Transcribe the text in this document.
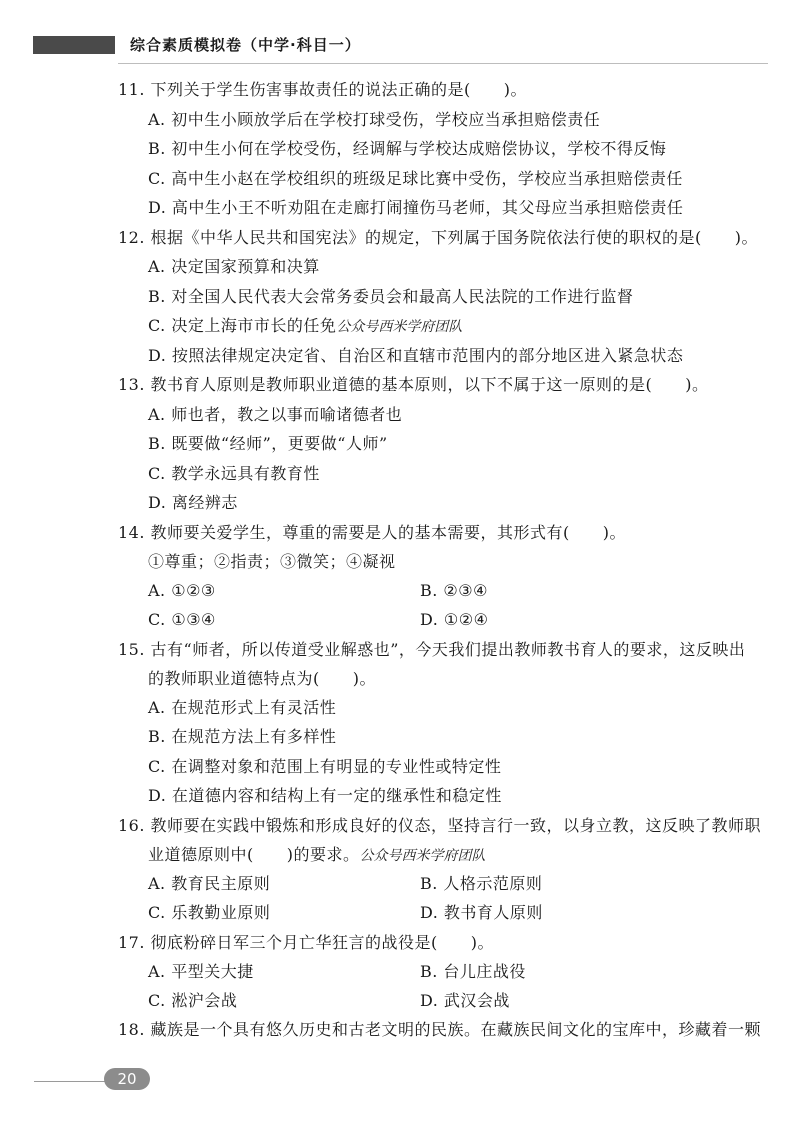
综合素质模拟卷（中学·科目一）
11. 下列关于学生伤害事故责任的说法正确的是(　　)。
A. 初中生小顾放学后在学校打球受伤，学校应当承担赔偿责任
B. 初中生小何在学校受伤，经调解与学校达成赔偿协议，学校不得反悔
C. 高中生小赵在学校组织的班级足球比赛中受伤，学校应当承担赔偿责任
D. 高中生小王不听劝阻在走廊打闹撞伤马老师，其父母应当承担赔偿责任
12. 根据《中华人民共和国宪法》的规定，下列属于国务院依法行使的职权的是(　　)。
A. 决定国家预算和决算
B. 对全国人民代表大会常务委员会和最高人民法院的工作进行监督
C. 决定上海市市长的任免公众号西米学府团队
D. 按照法律规定决定省、自治区和直辖市范围内的部分地区进入紧急状态
13. 教书育人原则是教师职业道德的基本原则，以下不属于这一原则的是(　　)。
A. 师也者，教之以事而喻诸德者也
B. 既要做“经师”，更要做“人师”
C. 教学永远具有教育性
D. 离经辨志
14. 教师要关爱学生，尊重的需要是人的基本需要，其形式有(　　)。
①尊重；②指责；③微笑；④凝视
A. ①②③	B. ②③④
C. ①③④	D. ①②④
15. 古有“师者，所以传道受业解惑也”，今天我们提出教师教书育人的要求，这反映出
的教师职业道德特点为(　　)。
A. 在规范形式上有灵活性
B. 在规范方法上有多样性
C. 在调整对象和范围上有明显的专业性或特定性
D. 在道德内容和结构上有一定的继承性和稳定性
16. 教师要在实践中锻炼和形成良好的仪态，坚持言行一致，以身立教，这反映了教师职
业道德原则中(　　)的要求。公众号西米学府团队
A. 教育民主原则	B. 人格示范原则
C. 乐教勤业原则	D. 教书育人原则
17. 彻底粉碎日军三个月亡华狂言的战役是(　　)。
A. 平型关大捷	B. 台儿庄战役
C. 淞沪会战	D. 武汉会战
18. 藏族是一个具有悠久历史和古老文明的民族。在藏族民间文化的宝库中，珍藏着一颗
20
